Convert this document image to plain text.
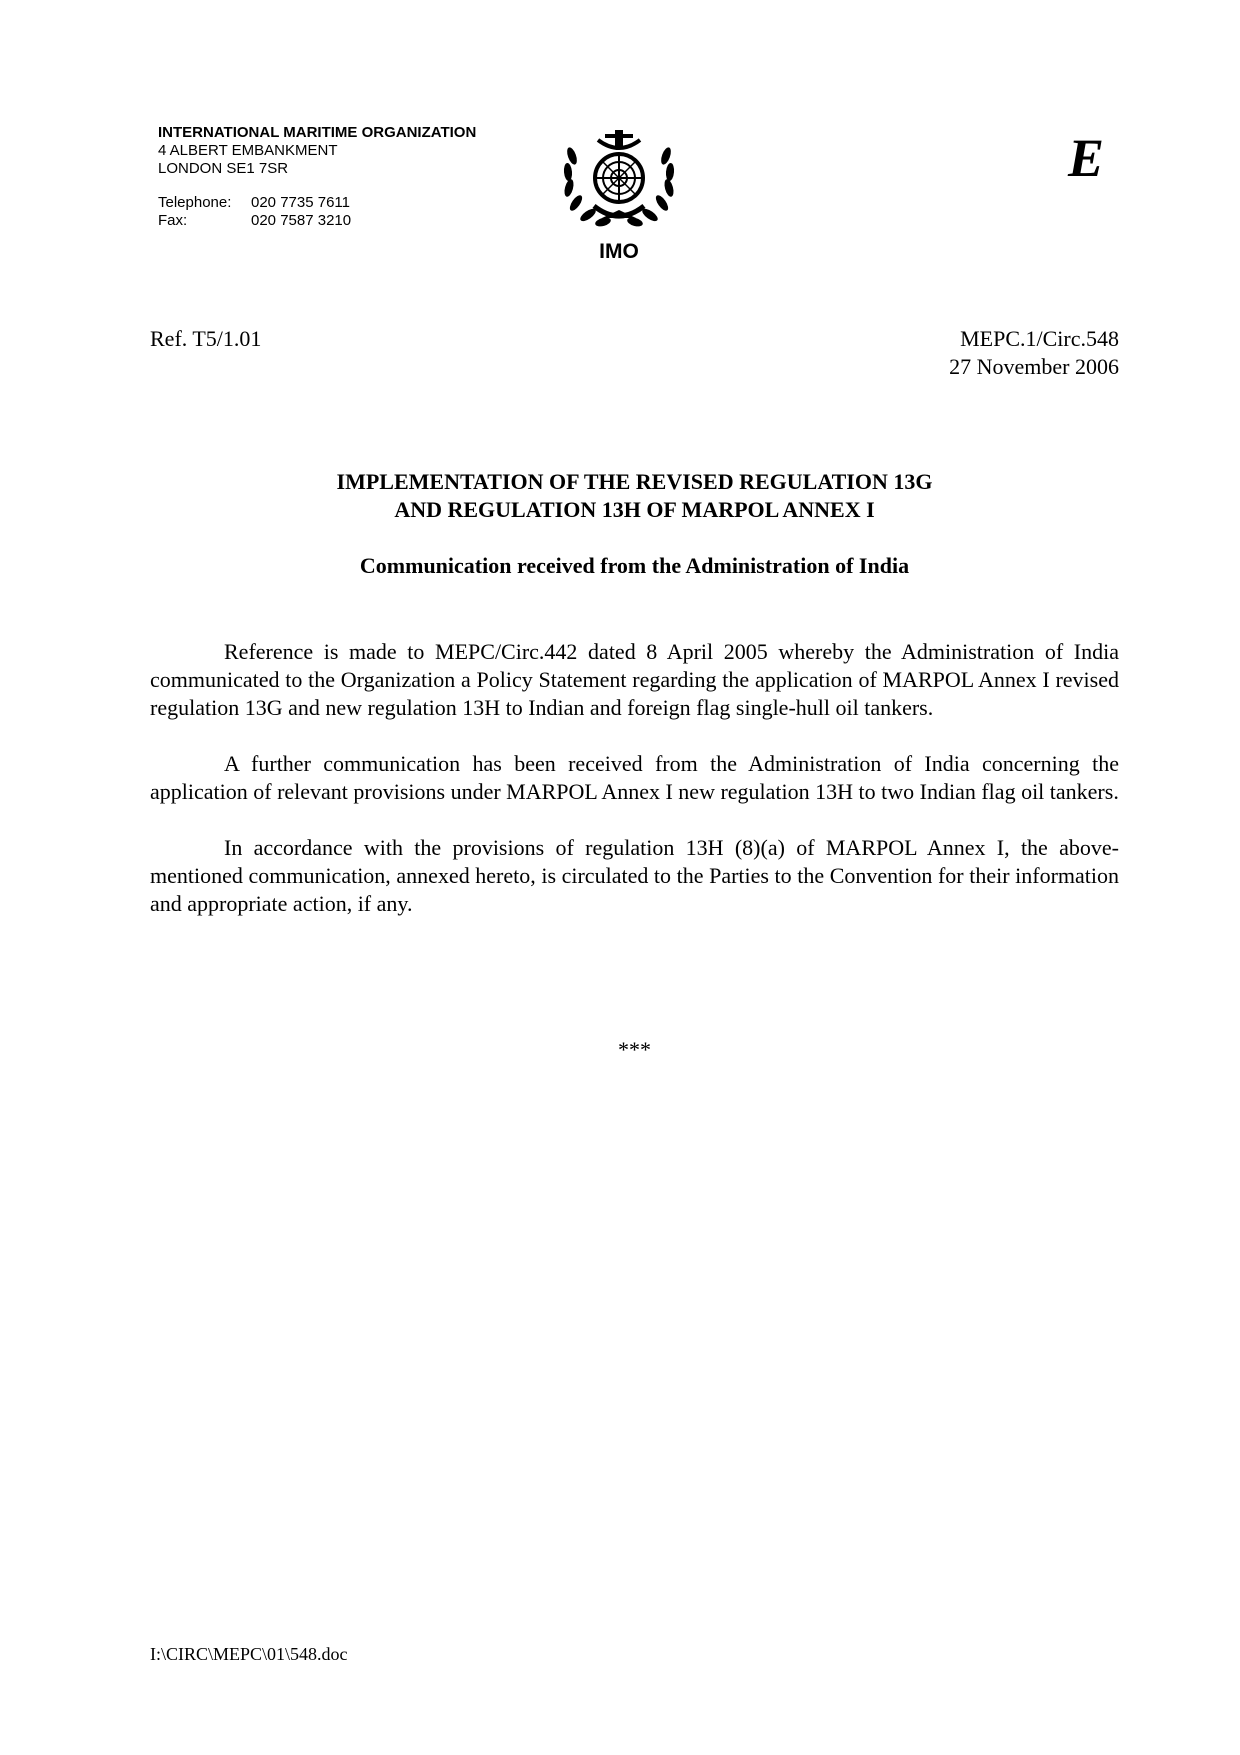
INTERNATIONAL MARITIME ORGANIZATION
4 ALBERT EMBANKMENT
LONDON SE1 7SR
Telephone:	020 7735 7611
Fax:	020 7587 3210
IMO
E
Ref. T5/1.01	MEPC.1/Circ.548
27 November 2006
IMPLEMENTATION OF THE REVISED REGULATION 13G
AND REGULATION 13H OF MARPOL ANNEX I
Communication received from the Administration of India

Reference is made to MEPC/Circ.442 dated 8 April 2005 whereby the Administration of India communicated to the Organization a Policy Statement regarding the application of MARPOL Annex I revised regulation 13G and new regulation 13H to Indian and foreign flag single-hull oil tankers.

A further communication has been received from the Administration of India concerning the application of relevant provisions under MARPOL Annex I new regulation 13H to two Indian flag oil tankers.

In accordance with the provisions of regulation 13H (8)(a) of MARPOL Annex I, the above-mentioned communication, annexed hereto, is circulated to the Parties to the Convention for their information and appropriate action, if any.

***
I:\CIRC\MEPC\01\548.doc
